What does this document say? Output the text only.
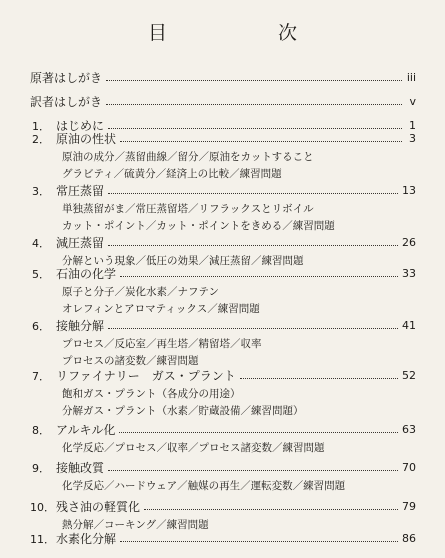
目　次
原著はしがき	iii
訳者はしがき	v
1． はじめに	1
2． 原油の性状	3
原油の成分／蒸留曲線／留分／原油をカットすること
グラビティ／硫黄分／経済上の比較／練習問題
3． 常圧蒸留	13
単独蒸留がま／常圧蒸留塔／リフラックスとリボイル
カット・ポイント／カット・ポイントをきめる／練習問題
4． 減圧蒸留	26
分解という現象／低圧の効果／減圧蒸留／練習問題
5． 石油の化学	33
原子と分子／炭化水素／ナフテン
オレフィンとアロマティックス／練習問題
6． 接触分解	41
プロセス／反応室／再生塔／精留塔／収率
プロセスの諸変数／練習問題
7． リファイナリー　ガス・プラント	52
飽和ガス・プラント（各成分の用途）
分解ガス・プラント（水素／貯蔵設備／練習問題）
8． アルキル化	63
化学反応／プロセス／収率／プロセス諸変数／練習問題
9． 接触改質	70
化学反応／ハードウェア／触媒の再生／運転変数／練習問題
10．残さ油の軽質化	79
熱分解／コーキング／練習問題
11．水素化分解	86
